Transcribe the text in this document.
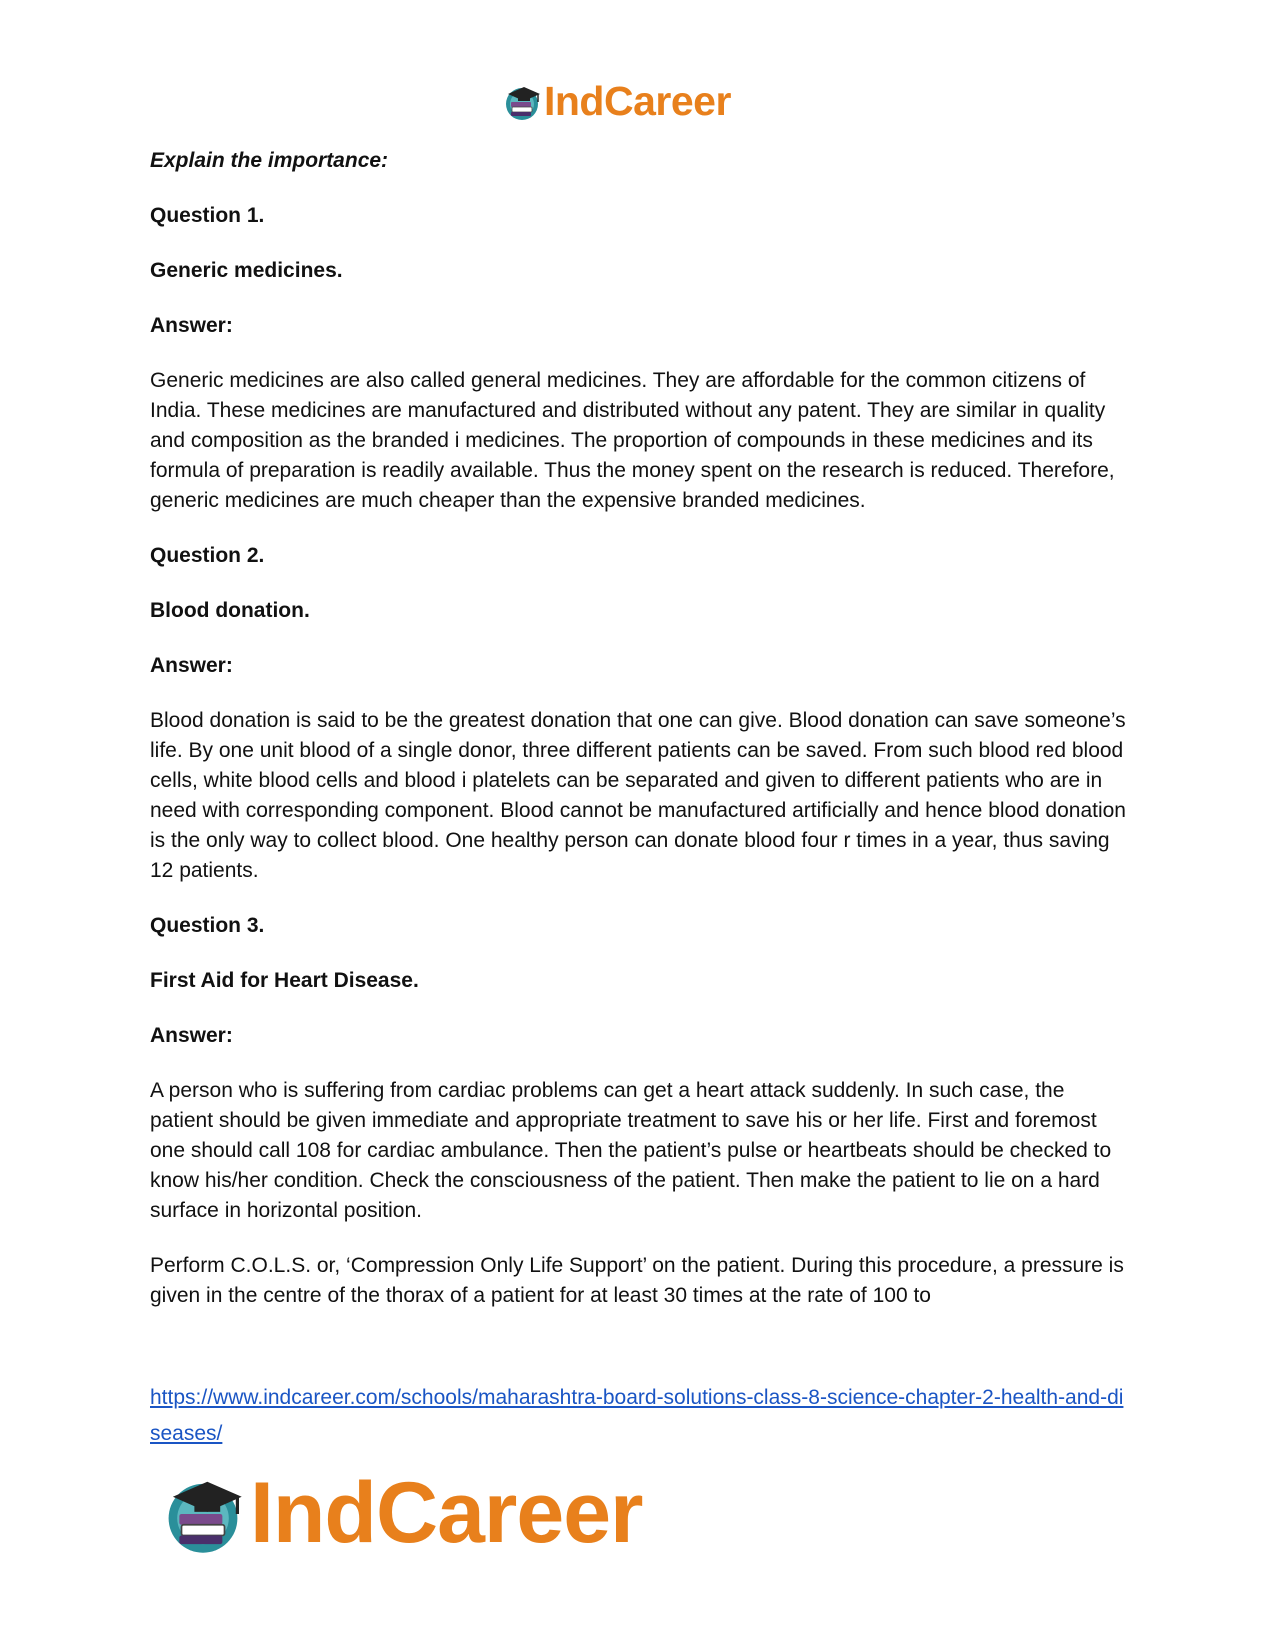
IndCareer

Explain the importance:

Question 1.

Generic medicines.

Answer:

Generic medicines are also called general medicines. They are affordable for the common citizens of India. These medicines are manufactured and distributed without any patent. They are similar in quality and composition as the branded i medicines. The proportion of compounds in these medicines and its formula of preparation is readily available. Thus the money spent on the research is reduced. Therefore, generic medicines are much cheaper than the expensive branded medicines.

Question 2.

Blood donation.

Answer:

Blood donation is said to be the greatest donation that one can give. Blood donation can save someone’s life. By one unit blood of a single donor, three different patients can be saved. From such blood red blood cells, white blood cells and blood i platelets can be separated and given to different patients who are in need with corresponding component. Blood cannot be manufactured artificially and hence blood donation is the only way to collect blood. One healthy person can donate blood four r times in a year, thus saving 12 patients.

Question 3.

First Aid for Heart Disease.

Answer:

A person who is suffering from cardiac problems can get a heart attack suddenly. In such case, the patient should be given immediate and appropriate treatment to save his or her life. First and foremost one should call 108 for cardiac ambulance. Then the patient’s pulse or heartbeats should be checked to know his/her condition. Check the consciousness of the patient. Then make the patient to lie on a hard surface in horizontal position.

Perform C.O.L.S. or, ‘Compression Only Life Support’ on the patient. During this procedure, a pressure is given in the centre of the thorax of a patient for at least 30 times at the rate of 100 to

https://www.indcareer.com/schools/maharashtra-board-solutions-class-8-science-chapter-2-health-and-diseases/
IndCareer
